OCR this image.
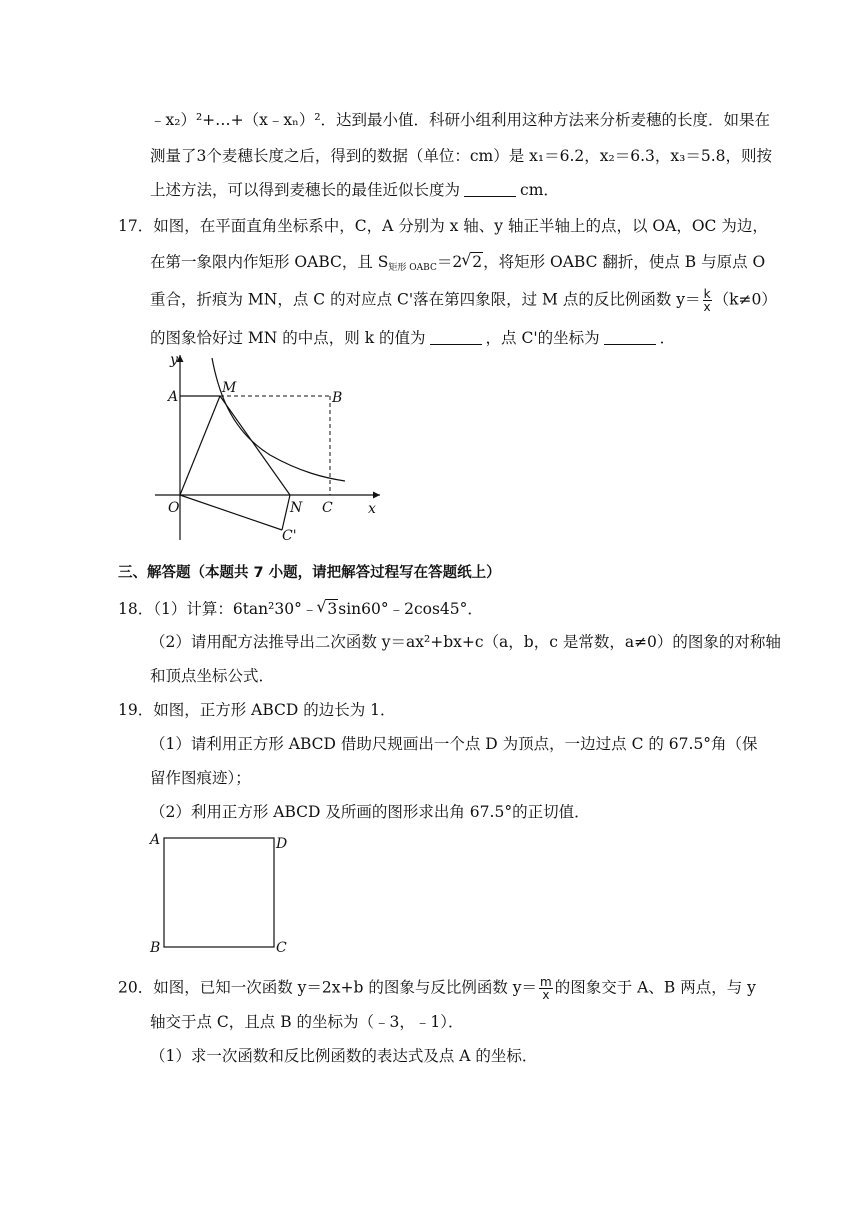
﹣x₂）²+…+（x﹣xₙ）²．达到最小值．科研小组利用这种方法来分析麦穗的长度．如果在
测量了3个麦穗长度之后，得到的数据（单位：cm）是 x₁＝6.2，x₂＝6.3，x₃＝5.8，则按
上述方法，可以得到麦穗长的最佳近似长度为	cm．
17．如图，在平面直角坐标系中，C，A 分别为 x 轴、y 轴正半轴上的点，以 OA，OC 为边，
在第一象限内作矩形 OABC，且 $S_{矩形 OABC}=2√$ 2，将矩形 OABC 翻折，使点 B 与原点 O
重合，折痕为 MN，点 C 的对应点 C'落在第四象限，过 M 点的反比例函数 $y= \frac{k}{x} (k\ne 0)$
的图象恰好过 MN 的中点，则 k 的值为	，点 C'的坐标为	．
y
A
M
B
O	N C	x
C'
三、解答题（本题共 7 小题，请把解答过程写在答题纸上）
18．（1）计算：6tan²30°﹣√ 3sin60°﹣2cos45°．
（2）请用配方法推导出二次函数 y＝ax²+bx+c（a，b，c 是常数，a≠0）的图象的对称轴
和顶点坐标公式．
19．如图，正方形 ABCD 的边长为 1．
（1）请利用正方形 ABCD 借助尺规画出一个点 D 为顶点，一边过点 C 的 67.5°角（保
留作图痕迹）；
（2）利用正方形 ABCD 及所画的图形求出角 67.5°的正切值．
A	D
B	C
20．如图，已知一次函数 y＝2x+b 的图象与反比例函数 $y= \frac{m}{x}$ 的图象交于 A、B 两点，与 y
轴交于点 C，且点 B 的坐标为（﹣3，﹣1）．
（1）求一次函数和反比例函数的表达式及点 A 的坐标．
